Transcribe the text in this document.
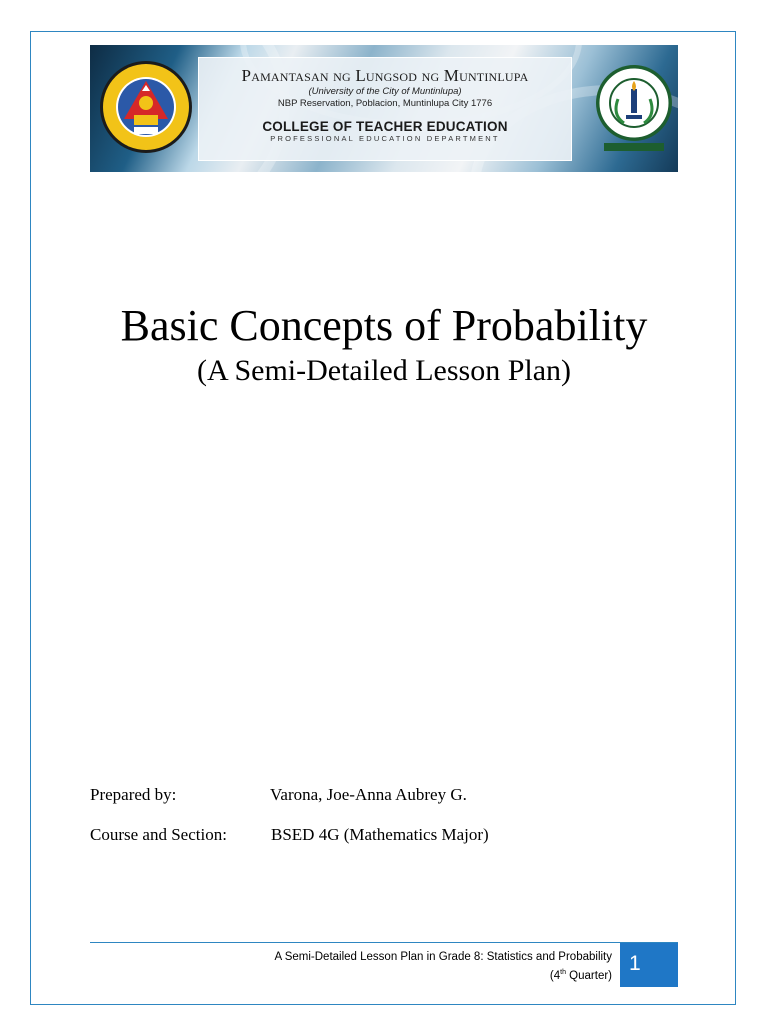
Pamantasan ng Lungsod ng Muntinlupa
(University of the City of Muntinlupa)
NBP Reservation, Poblacion, Muntinlupa City 1776
COLLEGE OF TEACHER EDUCATION
PROFESSIONAL EDUCATION DEPARTMENT
Basic Concepts of Probability
(A Semi-Detailed Lesson Plan)
Prepared by:	Varona, Joe-Anna Aubrey G.
Course and Section:	BSED 4G (Mathematics Major)
A Semi-Detailed Lesson Plan in Grade 8: Statistics and Probability
(4th Quarter)
1
